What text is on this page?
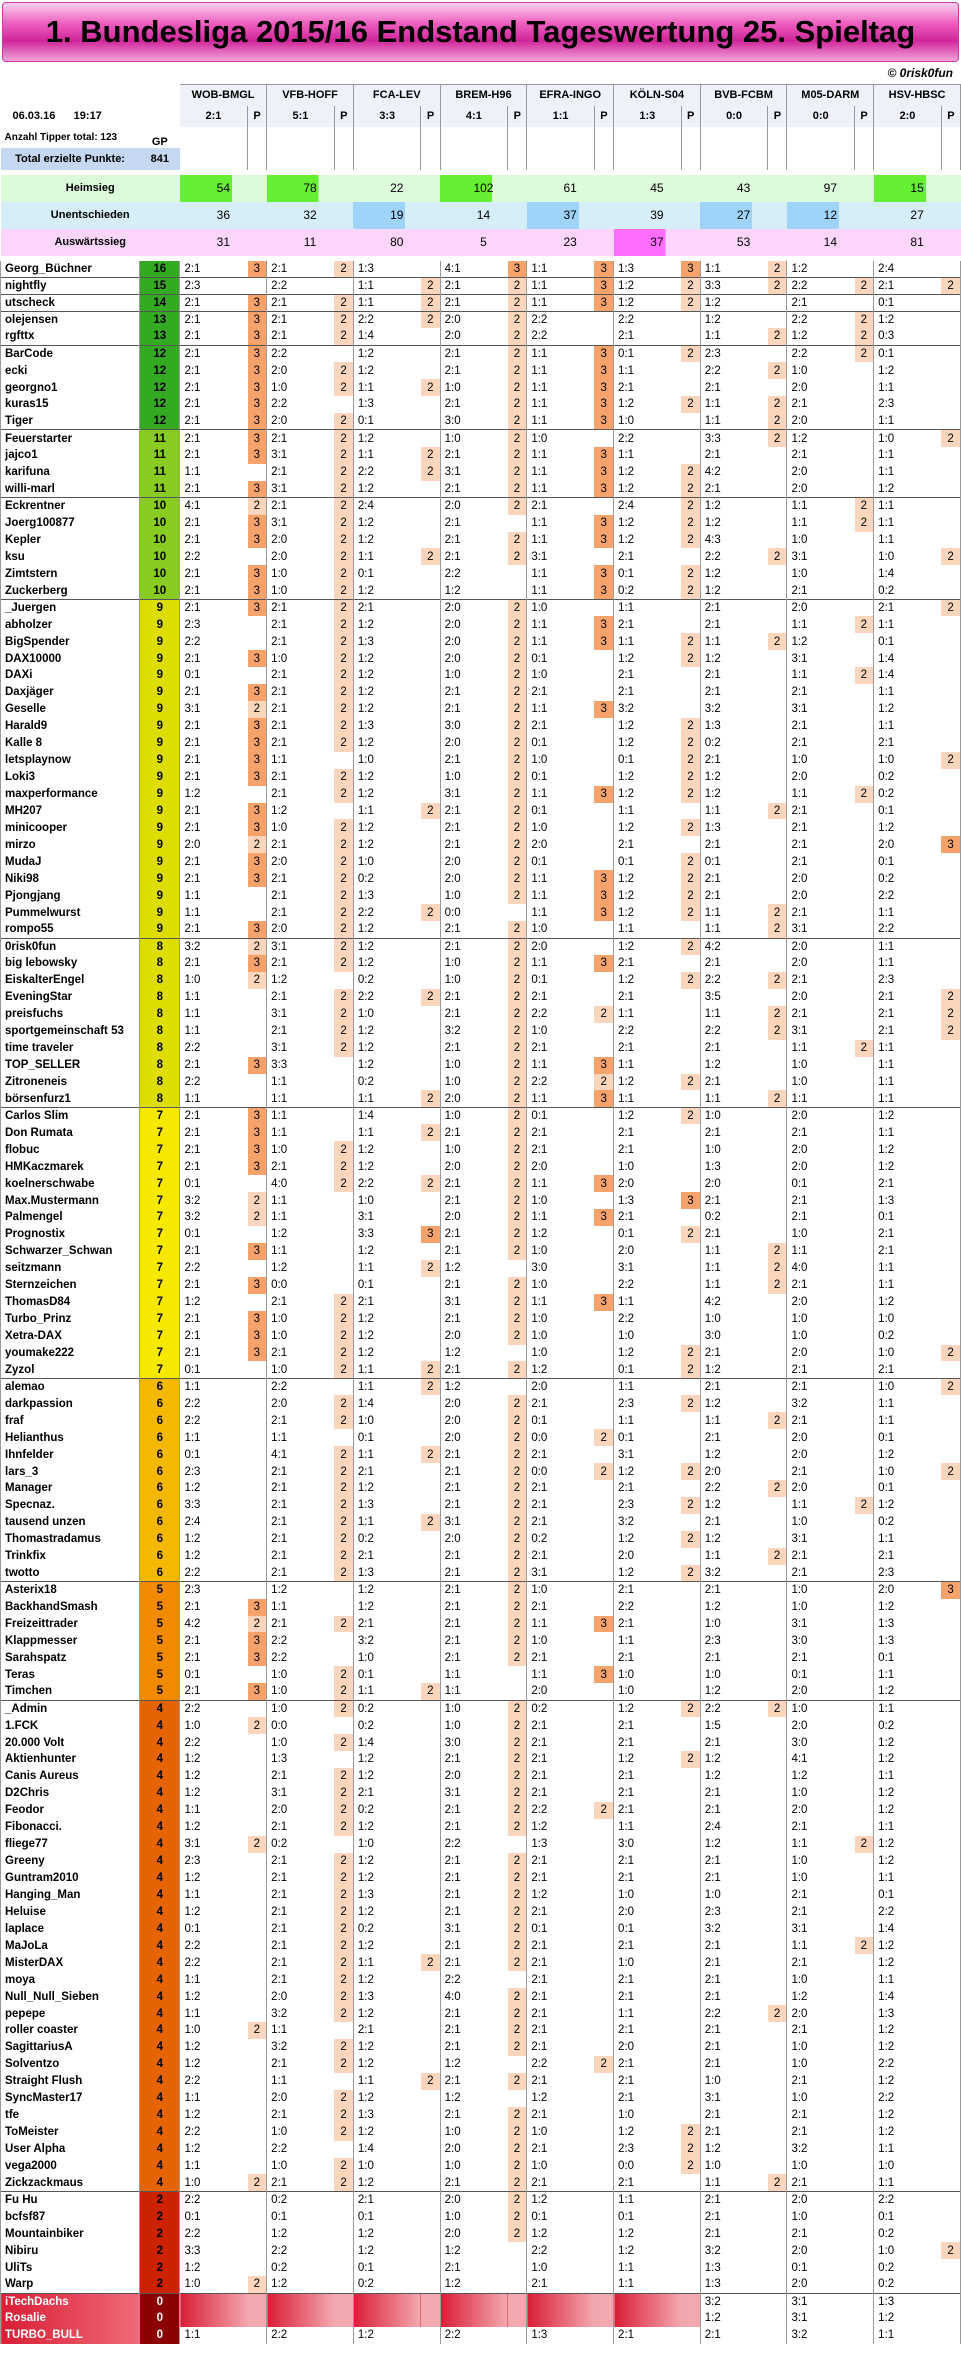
1. Bundesliga 2015/16 Endstand Tageswertung 25. Spieltag
© 0risk0fun
		WOB-BMGL		VFB-HOFF		FCA-LEV		BREM-H96		EFRA-INGO		KÖLN-S04		BVB-FCBM		M05-DARM		HSV-HBSC	
06.03.16      19:17	GP	2:1	P	5:1	P	3:3	P	4:1	P	1:1	P	1:3	P	0:0	P	0:0	P	2:0	P
Anzahl Tipper total: 123																			
Total erzielte Punkte:	841																		

Heimsieg		54		78		22		102		61		45		43		97		15	
Unentschieden		36		32		19		14		37		39		27		12		27	
Auswärtssieg		31		11		80		5		23		37		53		14		81	

Georg_Büchner	16	2:1	3	2:1	2	1:3		4:1	3	1:1	3	1:3	3	1:1	2	1:2		2:4	
nightfly	15	2:3		2:2		1:1	2	2:1	2	1:1	3	1:2	2	3:3	2	2:2	2	2:1	2
utscheck	14	2:1	3	2:1	2	1:1	2	2:1	2	1:1	3	1:2	2	1:2		2:1		0:1	
olejensen	13	2:1	3	2:1	2	2:2	2	2:0	2	2:2		2:2		1:2		2:2	2	1:2	
rgfttx	13	2:1	3	2:1	2	1:4		2:0	2	2:2		2:1		1:1	2	1:2	2	0:3	
BarCode	12	2:1	3	2:2		1:2		2:1	2	1:1	3	0:1	2	2:3		2:2	2	0:1	
ecki	12	2:1	3	2:0	2	1:2		2:1	2	1:1	3	1:1		2:2	2	1:0		1:2	
georgno1	12	2:1	3	1:0	2	1:1	2	1:0	2	1:1	3	2:1		2:1		2:0		1:1	
kuras15	12	2:1	3	2:2		1:3		2:1	2	1:1	3	1:2	2	1:1	2	2:1		2:3	
Tiger	12	2:1	3	2:0	2	0:1		3:0	2	1:1	3	1:0		1:1	2	2:0		1:1	
Feuerstarter	11	2:1	3	2:1	2	1:2		1:0	2	1:0		2:2		3:3	2	1:2		1:0	2
jajco1	11	2:1	3	3:1	2	1:1	2	2:1	2	1:1	3	1:1		2:1		2:1		1:1	
karifuna	11	1:1		2:1	2	2:2	2	3:1	2	1:1	3	1:2	2	4:2		2:0		1:1	
willi-marl	11	2:1	3	3:1	2	1:2		2:1	2	1:1	3	1:2	2	2:1		2:0		1:2	
Eckrentner	10	4:1	2	2:1	2	2:4		2:0	2	2:1		2:4	2	1:2		1:1	2	1:1	
Joerg100877	10	2:1	3	3:1	2	1:2		2:1		1:1	3	1:2	2	1:2		1:1	2	1:1	
Kepler	10	2:1	3	2:0	2	1:2		2:1	2	1:1	3	1:2	2	4:3		1:0		1:1	
ksu	10	2:2		2:0	2	1:1	2	2:1	2	3:1		2:1		2:2	2	3:1		1:0	2
Zimtstern	10	2:1	3	1:0	2	0:1		2:2		1:1	3	0:1	2	1:2		1:0		1:4	
Zuckerberg	10	2:1	3	1:0	2	1:2		1:2		1:1	3	0:2	2	1:2		2:1		0:2	
_Juergen	9	2:1	3	2:1	2	2:1		2:0	2	1:0		1:1		2:1		2:0		2:1	2
abholzer	9	2:3		2:1	2	1:2		2:0	2	1:1	3	2:1		2:1		1:1	2	1:1	
BigSpender	9	2:2		2:1	2	1:3		2:0	2	1:1	3	1:1	2	1:1	2	1:2		0:1	
DAX10000	9	2:1	3	1:0	2	1:2		2:0	2	0:1		1:2	2	1:2		3:1		1:4	
DAXi	9	0:1		2:1	2	1:2		1:0	2	1:0		2:1		2:1		1:1	2	1:4	
Daxjäger	9	2:1	3	2:1	2	1:2		2:1	2	2:1		2:1		2:1		2:1		1:1	
Geselle	9	3:1	2	2:1	2	1:2		2:1	2	1:1	3	3:2		3:2		3:1		1:2	
Harald9	9	2:1	3	2:1	2	1:3		3:0	2	2:1		1:2	2	1:3		2:1		1:1	
Kalle 8	9	2:1	3	2:1	2	1:2		2:0	2	0:1		1:2	2	0:2		2:1		2:1	
letsplaynow	9	2:1	3	1:1		1:0		2:1	2	1:0		0:1	2	2:1		1:0		1:0	2
Loki3	9	2:1	3	2:1	2	1:2		1:0	2	0:1		1:2	2	1:2		2:0		0:2	
maxperformance	9	1:2		2:1	2	1:2		3:1	2	1:1	3	1:2	2	1:2		1:1	2	0:2	
MH207	9	2:1	3	1:2		1:1	2	2:1	2	0:1		1:1		1:1	2	2:1		0:1	
minicooper	9	2:1	3	1:0	2	1:2		2:1	2	1:0		1:2	2	1:3		2:1		1:2	
mirzo	9	2:0	2	2:1	2	1:2		2:1	2	2:0		2:1		2:1		2:1		2:0	3
MudaJ	9	2:1	3	2:0	2	1:0		2:0	2	0:1		0:1	2	0:1		2:1		0:1	
Niki98	9	2:1	3	2:1	2	0:2		2:0	2	1:1	3	1:2	2	2:1		2:0		0:2	
Pjongjang	9	1:1		2:1	2	1:3		1:0	2	1:1	3	1:2	2	2:1		2:0		2:2	
Pummelwurst	9	1:1		2:1	2	2:2	2	0:0		1:1	3	1:2	2	1:1	2	2:1		1:1	
rompo55	9	2:1	3	2:0	2	1:2		2:1	2	1:0		1:1		1:1	2	3:1		2:2	
0risk0fun	8	3:2	2	3:1	2	1:2		2:1	2	2:0		1:2	2	4:2		2:0		1:1	
big lebowsky	8	2:1	3	2:1	2	1:2		1:0	2	1:1	3	2:1		2:1		2:0		1:1	
EiskalterEngel	8	1:0	2	1:2		0:2		1:0	2	0:1		1:2	2	2:2	2	2:1		2:3	
EveningStar	8	1:1		2:1	2	2:2	2	2:1	2	2:1		2:1		3:5		2:0		2:1	2
preisfuchs	8	1:1		3:1	2	1:0		2:1	2	2:2	2	1:1		1:1	2	2:1		2:1	2
sportgemeinschaft 53	8	1:1		2:1	2	1:2		3:2	2	1:0		2:2		2:2	2	3:1		2:1	2
time traveler	8	2:2		3:1	2	1:2		2:1	2	2:1		2:1		2:1		1:1	2	1:1	
TOP_SELLER	8	2:1	3	3:3		1:2		1:0	2	1:1	3	1:1		1:2		1:0		1:1	
Zitroneneis	8	2:2		1:1		0:2		1:0	2	2:2	2	1:2	2	2:1		1:0		1:1	
börsenfurz1	8	1:1		1:1		1:1	2	2:0	2	1:1	3	1:1		1:1	2	1:1		1:1	
Carlos Slim	7	2:1	3	1:1		1:4		1:0	2	0:1		1:2	2	1:0		2:0		1:2	
Don Rumata	7	2:1	3	1:1		1:1	2	2:1	2	2:1		2:1		2:1		2:1		1:1	
flobuc	7	2:1	3	1:0	2	1:2		1:0	2	2:1		2:1		1:0		2:0		1:2	
HMKaczmarek	7	2:1	3	2:1	2	1:2		2:0	2	2:0		1:0		1:3		2:0		1:2	
koelnerschwabe	7	0:1		4:0	2	2:2	2	2:1	2	1:1	3	2:0		2:0		0:1		2:1	
Max.Mustermann	7	3:2	2	1:1		1:0		2:1	2	1:0		1:3	3	2:1		2:1		1:3	
Palmengel	7	3:2	2	1:1		3:1		2:0	2	1:1	3	2:1		0:2		2:1		0:1	
Prognostix	7	0:1		1:2		3:3	3	2:1	2	1:2		0:1	2	2:1		1:0		2:1	
Schwarzer_Schwan	7	2:1	3	1:1		1:2		2:1	2	1:0		2:0		1:1	2	1:1		2:1	
seitzmann	7	2:2		1:2		1:1	2	1:2		3:0		3:1		1:1	2	4:0		1:1	
Sternzeichen	7	2:1	3	0:0		0:1		2:1	2	1:0		2:2		1:1	2	2:1		1:1	
ThomasD84	7	1:2		2:1	2	2:1		3:1	2	1:1	3	1:1		4:2		2:0		1:2	
Turbo_Prinz	7	2:1	3	1:0	2	1:2		2:1	2	1:0		2:2		1:0		1:0		1:0	
Xetra-DAX	7	2:1	3	1:0	2	1:2		2:0	2	1:0		1:0		3:0		1:0		0:2	
youmake222	7	2:1	3	2:1	2	1:2		1:2		1:0		1:2	2	2:1		2:0		1:0	2
Zyzol	7	0:1		1:0	2	1:1	2	2:1	2	1:2		0:1	2	1:2		2:1		2:1	
alemao	6	1:1		2:2		1:1	2	1:2		2:0		1:1		2:1		2:1		1:0	2
darkpassion	6	2:2		2:0	2	1:4		2:0	2	2:1		2:3	2	1:2		3:2		1:1	
fraf	6	2:2		2:1	2	1:0		2:0	2	0:1		1:1		1:1	2	2:1		1:1	
Helianthus	6	1:1		1:1		0:1		2:0	2	0:0	2	0:1		2:1		2:0		0:1	
Ihnfelder	6	0:1		4:1	2	1:1	2	2:1	2	2:1		3:1		1:2		2:0		1:2	
lars_3	6	2:3		2:1	2	2:1		2:1	2	0:0	2	1:2	2	2:0		2:1		1:0	2
Manager	6	1:2		2:1	2	1:2		2:1	2	2:1		2:1		2:2	2	2:0		0:1	
Specnaz.	6	3:3		2:1	2	1:3		2:1	2	2:1		2:3	2	1:2		1:1	2	1:2	
tausend unzen	6	2:4		2:1	2	1:1	2	3:1	2	2:1		3:2		2:1		1:0		0:2	
Thomastradamus	6	1:2		2:1	2	0:2		2:0	2	0:2		1:2	2	1:2		3:1		1:1	
Trinkfix	6	1:2		2:1	2	2:1		2:1	2	2:1		2:0		1:1	2	2:1		2:1	
twotto	6	2:2		2:1	2	1:3		2:1	2	3:1		1:2	2	3:2		2:1		2:3	
Asterix18	5	2:3		1:2		1:2		2:1	2	1:0		2:1		2:1		1:0		2:0	3
BackhandSmash	5	2:1	3	1:1		1:2		2:1	2	2:1		2:2		1:2		1:0		1:2	
Freizeittrader	5	4:2	2	2:1	2	2:1		2:1	2	1:1	3	2:1		1:0		3:1		1:3	
Klappmesser	5	2:1	3	2:2		3:2		2:1	2	1:0		1:1		2:3		3:0		1:3	
Sarahspatz	5	2:1	3	2:2		1:0		2:1	2	2:1		2:1		2:1		2:1		0:1	
Teras	5	0:1		1:0	2	0:1		1:1		1:1	3	1:0		1:0		0:1		1:1	
Timchen	5	2:1	3	1:0	2	1:1	2	1:1		2:0		1:0		1:2		2:0		1:2	
_Admin	4	2:2		1:0	2	0:2		1:0	2	0:2		1:2	2	2:2	2	1:0		1:1	
1.FCK	4	1:0	2	0:0		0:2		1:0	2	2:1		2:1		1:5		2:0		0:2	
20.000 Volt	4	2:2		1:0	2	1:4		3:0	2	2:1		2:1		2:1		3:0		1:2	
Aktienhunter	4	1:2		1:3		1:2		2:1	2	2:1		1:2	2	1:2		4:1		1:2	
Canis Aureus	4	1:2		2:1	2	1:2		2:0	2	2:1		2:1		1:2		1:2		1:1	
D2Chris	4	1:2		3:1	2	2:1		3:1	2	2:1		2:1		2:1		1:0		1:2	
Feodor	4	1:1		2:0	2	0:2		2:1	2	2:2	2	2:1		2:1		2:0		1:2	
Fibonacci.	4	1:2		2:1	2	1:2		2:1	2	1:2		1:1		2:4		2:1		1:1	
fliege77	4	3:1	2	0:2		1:0		2:2		1:3		3:0		1:2		1:1	2	1:2	
Greeny	4	2:3		2:1	2	1:2		2:1	2	2:1		2:1		2:1		1:0		1:2	
Guntram2010	4	1:2		2:1	2	1:2		2:1	2	2:1		2:1		2:1		1:0		1:1	
Hanging_Man	4	1:1		2:1	2	1:3		2:1	2	1:2		1:0		1:0		2:1		0:1	
Heluise	4	1:2		2:1	2	1:2		2:1	2	2:1		2:0		2:3		2:1		2:2	
laplace	4	0:1		2:1	2	0:2		3:1	2	0:1		0:1		3:2		3:1		1:4	
MaJoLa	4	2:2		2:1	2	1:2		2:1	2	2:1		2:1		2:1		1:1	2	1:2	
MisterDAX	4	2:2		2:1	2	1:1	2	2:1	2	2:1		1:0		2:1		2:1		1:2	
moya	4	1:1		2:1	2	1:2		2:2		2:1		2:1		2:1		1:0		1:1	
Null_Null_Sieben	4	1:2		2:0	2	1:3		4:0	2	2:1		2:1		2:1		1:2		1:4	
pepepe	4	1:1		3:2	2	1:2		2:1	2	2:1		1:1		2:2	2	2:0		1:3	
roller coaster	4	1:0	2	1:1		2:1		2:1	2	2:1		2:1		2:1		2:1		1:2	
SagittariusA	4	1:2		3:2	2	1:2		2:1	2	2:1		2:0		2:1		1:0		1:2	
Solventzo	4	1:2		2:1	2	1:2		1:2		2:2	2	2:1		2:1		1:0		2:2	
Straight Flush	4	2:2		1:1		1:1	2	2:1	2	2:1		2:1		1:0		2:1		1:2	
SyncMaster17	4	1:1		2:0	2	1:2		1:2		1:2		2:1		3:1		1:0		2:2	
tfe	4	1:2		2:1	2	1:3		2:1	2	2:1		1:0		2:1		2:1		1:2	
ToMeister	4	2:2		1:0	2	1:2		1:0	2	1:0		1:2	2	2:1		2:1		1:2	
User Alpha	4	1:2		2:2		1:4		2:0	2	2:1		2:3	2	1:2		3:2		1:1	
vega2000	4	1:1		1:0	2	1:0		1:0	2	1:0		0:0	2	1:0		1:0		1:0	
Zickzackmaus	4	1:0	2	2:1	2	1:2		2:1	2	2:1		2:1		1:1	2	2:1		1:1	
Fu Hu	2	2:2		0:2		2:1		2:0	2	1:2		1:1		2:1		2:0		2:2	
bcfsf87	2	0:1		0:1		0:1		1:0	2	0:1		0:1		2:1		1:0		0:1	
Mountainbiker	2	2:2		1:2		1:2		2:0	2	1:2		1:2		2:1		2:1		0:2	
Nibiru	2	3:3		2:2		1:2		1:2		2:2		1:2		3:2		2:0		1:0	2
UliTs	2	1:2		0:2		0:1		2:1		1:0		1:1		1:3		0:1		0:2	
Warp	2	1:0	2	1:2		0:2		1:2		2:1		1:1		1:3		2:0		0:2	
iTechDachs	0													3:2		3:1		1:3	
Rosalie	0													1:2		3:1		1:2	
TURBO_BULL	0	1:1		2:2		1:2		2:2		1:3		2:1		2:1		3:2		1:1	
